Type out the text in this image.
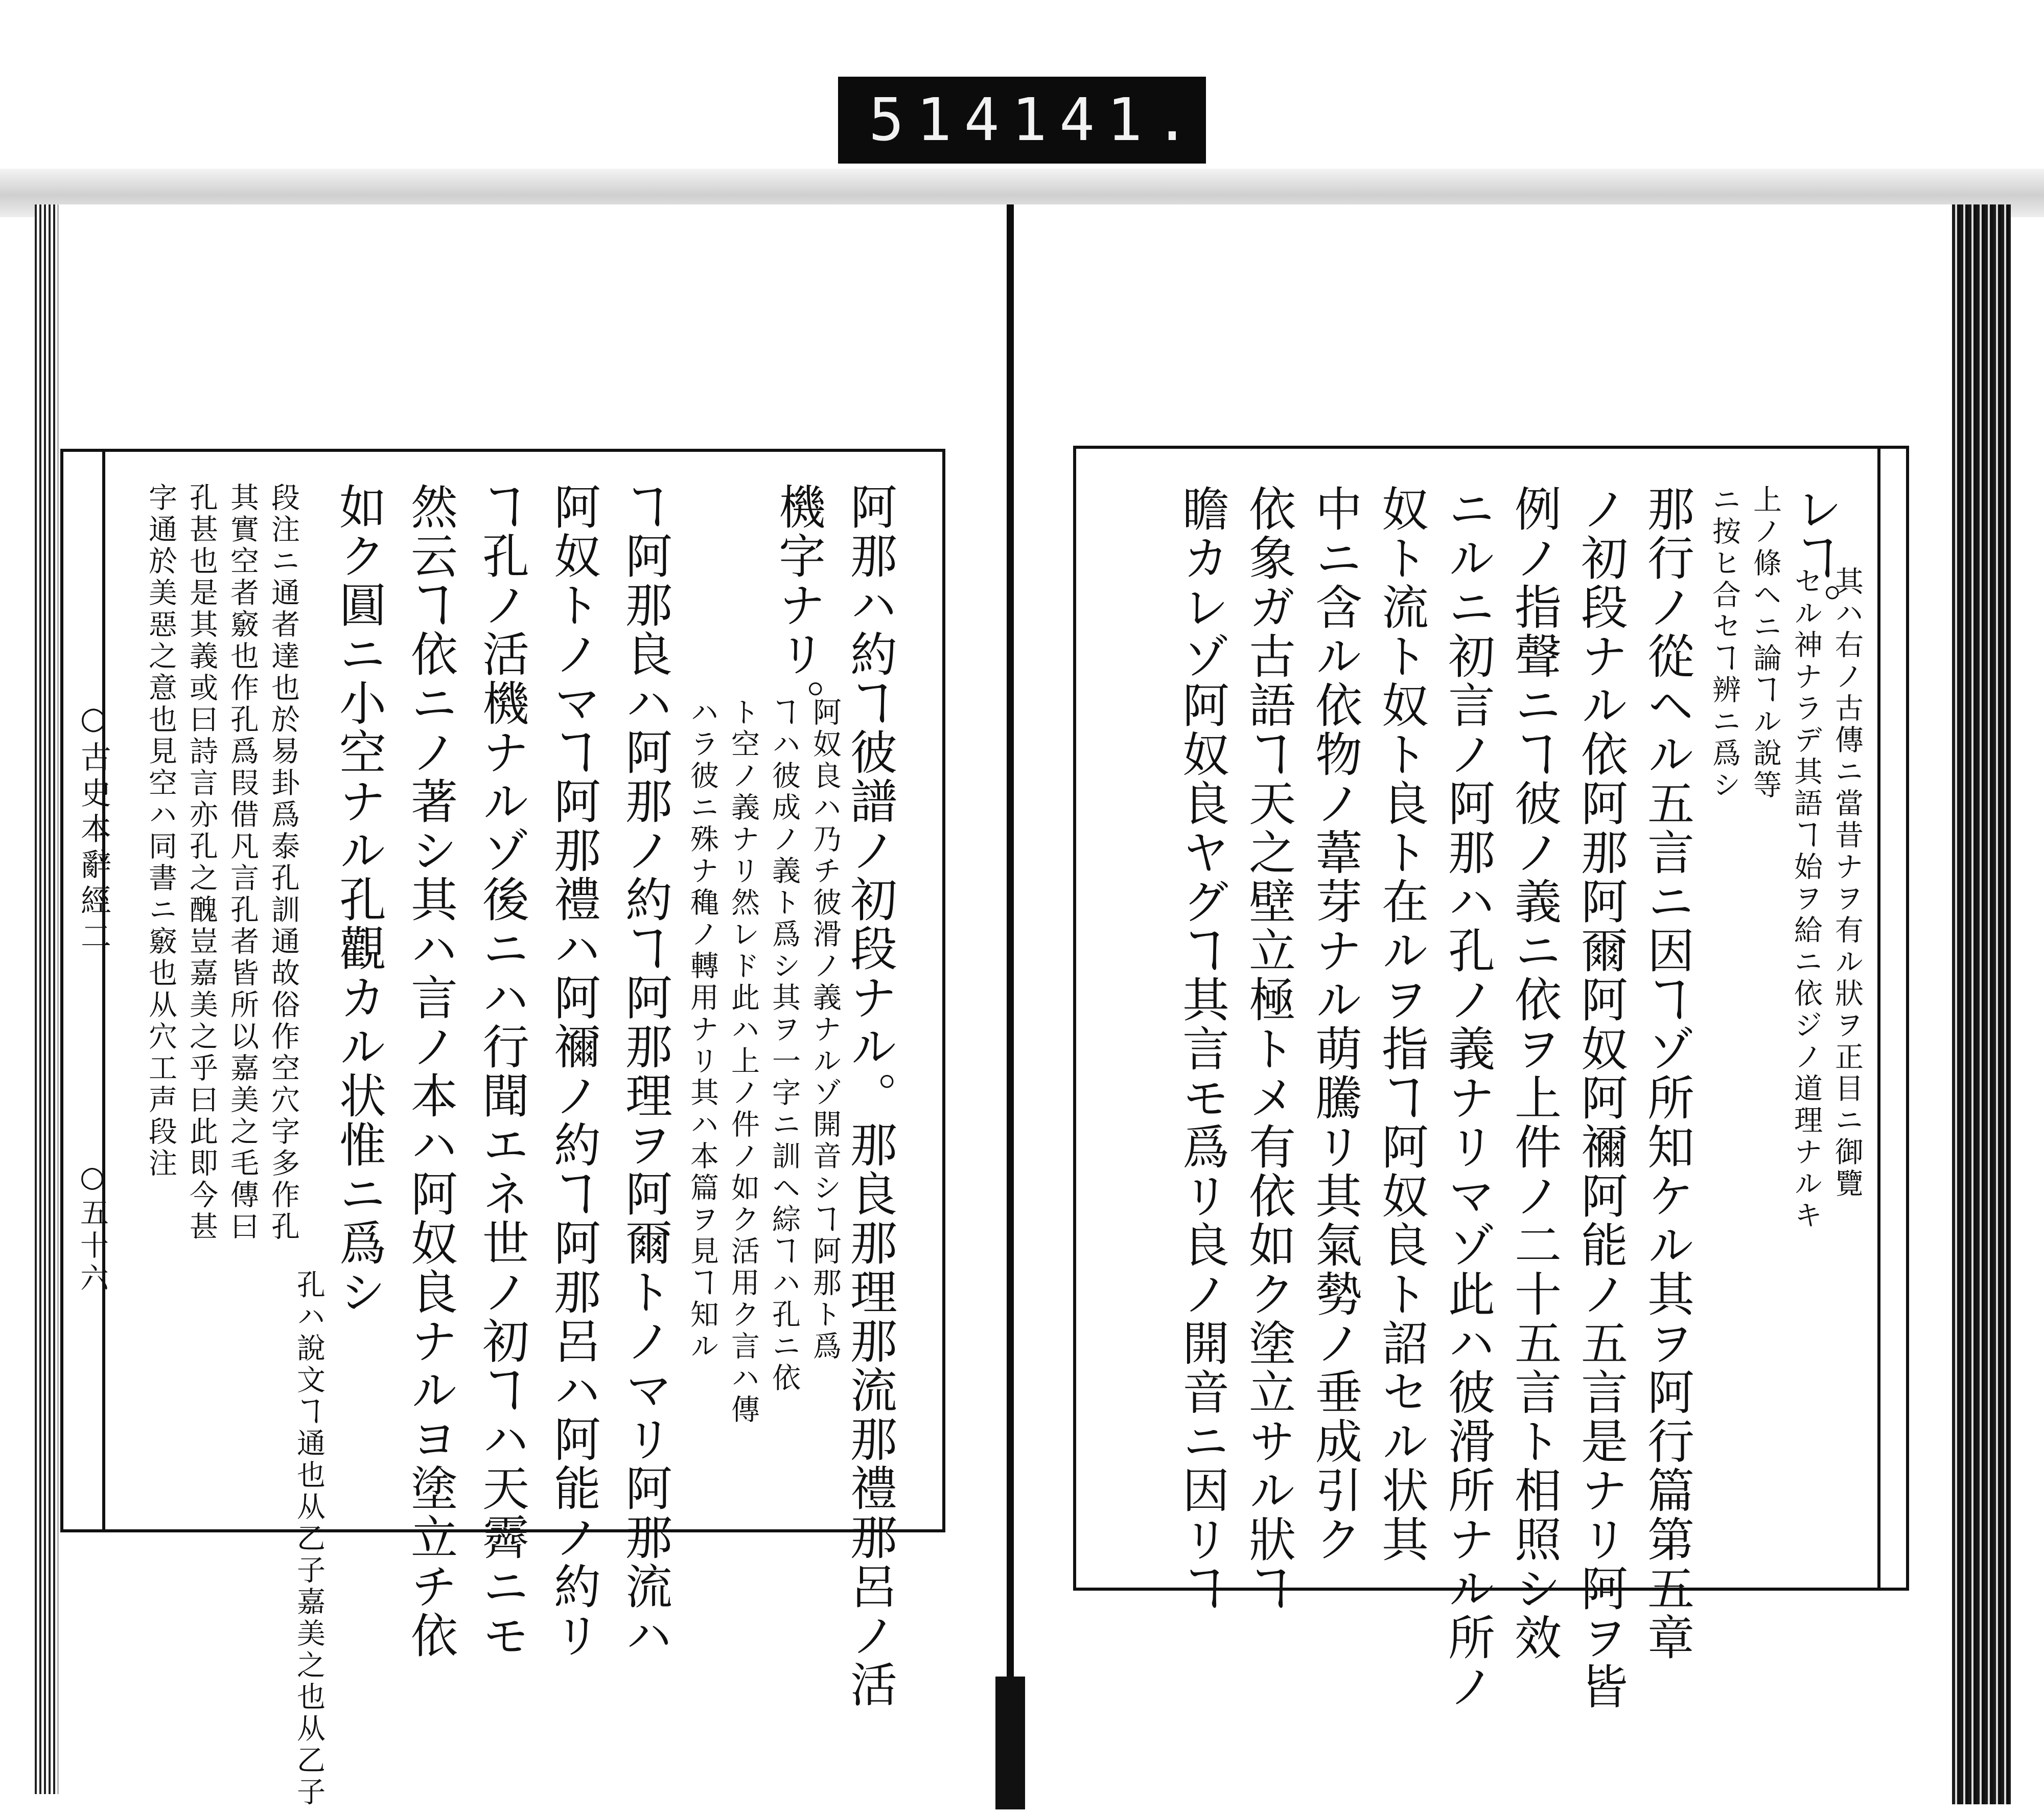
514 141.
○古史本辭經二
○五十六	阿那ハ約ヿ彼譜ノ初段ナル。那良那理那流那禮那呂ノ活
機字ナリ。
阿奴良ハ乃チ彼滑ノ義ナルゾ開音シヿ阿那ト爲
ヿハ彼成ノ義ト爲シ其ヲ一字ニ訓ヘ綜ヿハ孔ニ依
ト空ノ義ナリ然レド此ハ上ノ件ノ如ク活用ク言ハ傳
ハラ彼ニ殊ナ穐ノ轉用ナリ其ハ本篇ヲ見ヿ知ル
ヿ阿那良ハ阿那ノ約ヿ阿那理ヲ阿爾トノマリ阿那流ハ
阿奴トノマヿ阿那禮ハ阿禰ノ約ヿ阿那呂ハ阿能ノ約リ
ヿ孔ノ活機ナルゾ後ニハ行聞エネ世ノ初ヿハ天霽ニモ
然云ヿ依ニノ著シ其ハ言ノ本ハ阿奴良ナルヨ塗立チ依
如ク圓ニ小空ナル孔觀カル状惟ニ爲シ
孔ハ說文ヿ通也从乙子嘉美之也从乙子
段注ニ通者達也於易卦爲泰孔訓通故俗作空穴字多作孔
其實空者竅也作孔爲叚借凡言孔者皆所以嘉美之毛傳曰
孔甚也是其義或曰詩言亦孔之醜豈嘉美之乎曰此即今甚
字通於美惡之意也見空ハ同書ニ竅也从穴工声段注	レヿ。
其ハ右ノ古傳ニ當昔ナヲ有ル狀ヲ正目ニ御覽
セル神ナラデ其語ヿ始ヲ給ニ依ジノ道理ナルキ
上ノ條ヘニ論ヿル說等
ニ按ヒ合セヿ辨ニ爲シ
那行ノ從ヘル五言ニ因ヿゾ所知ケル其ヲ阿行篇第五章
ノ初段ナル依阿那阿爾阿奴阿禰阿能ノ五言是ナリ阿ヲ皆
例ノ指聲ニヿ彼ノ義ニ依ヲ上件ノ二十五言ト相照シ效
ニルニ初言ノ阿那ハ孔ノ義ナリマゾ此ハ彼滑所ナル所ノ
奴ト流ト奴ト良ト在ルヲ指ヿ阿奴良ト詔セル状其
中ニ含ル依物ノ葦芽ナル萌騰リ其氣勢ノ垂成引ク
依象ガ古語ヿ天之壁立極トメ有依如ク塗立サル狀ヿ
瞻カレゾ阿奴良ヤグヿ其言モ爲リ良ノ開音ニ因リヿ
